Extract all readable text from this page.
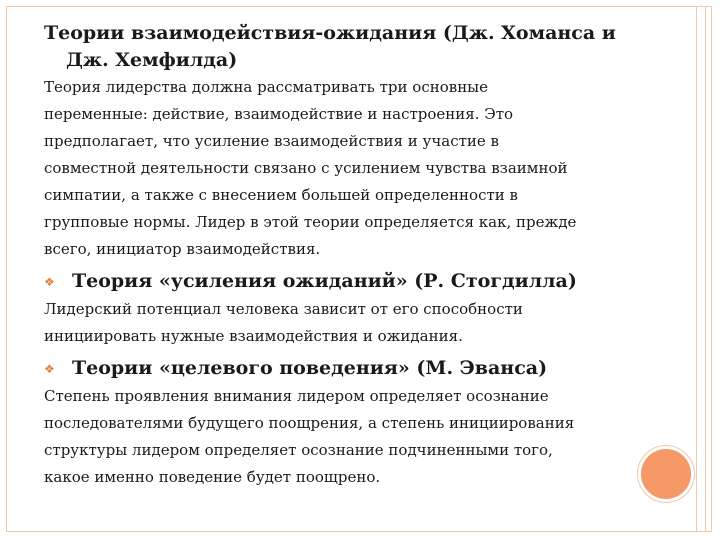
Теории взаимодействия-ожидания (Дж. Хоманса и Дж. Хемфилда)

Теория лидерства должна рассматривать три основные

переменные: действие, взаимодействие и настроения. Это

предполагает, что усиление взаимодействия и участие в

совместной деятельности связано с усилением чувства взаимной

симпатии, а также с внесением большей определенности в

групповые нормы. Лидер в этой теории определяется как, прежде

всего, инициатор взаимодействия.

❖ Теория «усиления ожиданий» (Р. Стогдилла)

Лидерский потенциал человека зависит от его способности

инициировать нужные взаимодействия и ожидания.

❖ Теории «целевого поведения» (М. Эванса)

Степень проявления внимания лидером определяет осознание

последователями будущего поощрения, а степень инициирования

структуры лидером определяет осознание подчиненными того,

какое именно поведение будет поощрено.
